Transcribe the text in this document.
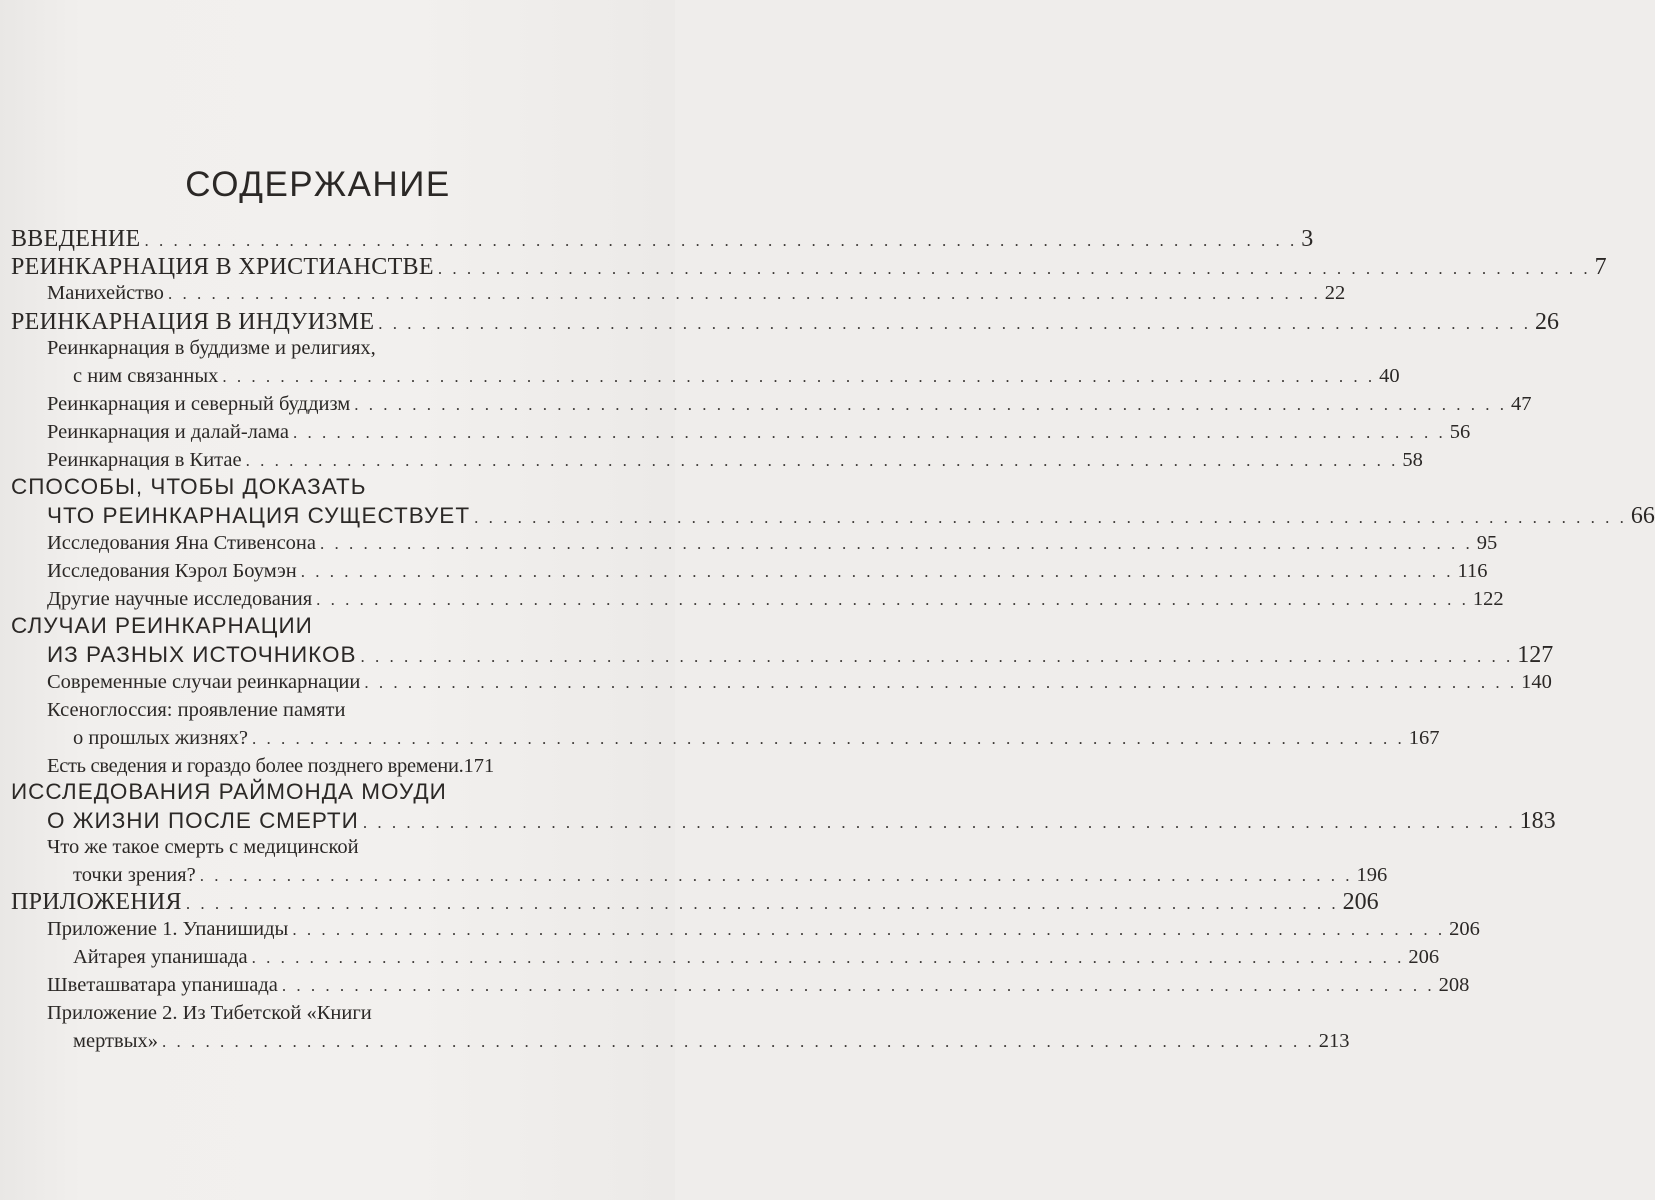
СОДЕРЖАНИЕ
ВВЕДЕНИЕ . . . . . . . . . . . . . . . . . . . . . . . . . . . . . . . . . . . . . . . . . . . . . . . . . . . . . . . . . . . . . . . . . . . . . . . . . . . . . . . . 3
РЕИНКАРНАЦИЯ В ХРИСТИАНСТВЕ . . . . . . . . . . . . . . . . . . . . . . . . . . . . . . . . . . . . . . . . . . . . . . . . . . . . . . . . . . . . . . . . . . . . . . . . . . . . . . . . 7
Манихейство . . . . . . . . . . . . . . . . . . . . . . . . . . . . . . . . . . . . . . . . . . . . . . . . . . . . . . . . . . . . . . . . . . . . . . . . . . . . . . . . 22
РЕИНКАРНАЦИЯ В ИНДУИЗМЕ . . . . . . . . . . . . . . . . . . . . . . . . . . . . . . . . . . . . . . . . . . . . . . . . . . . . . . . . . . . . . . . . . . . . . . . . . . . . . . . . 26
Реинкарнация в буддизме и религиях,
с ним связанных . . . . . . . . . . . . . . . . . . . . . . . . . . . . . . . . . . . . . . . . . . . . . . . . . . . . . . . . . . . . . . . . . . . . . . . . . . . . . . . . 40
Реинкарнация и северный буддизм . . . . . . . . . . . . . . . . . . . . . . . . . . . . . . . . . . . . . . . . . . . . . . . . . . . . . . . . . . . . . . . . . . . . . . . . . . . . . . . . 47
Реинкарнация и далай-лама . . . . . . . . . . . . . . . . . . . . . . . . . . . . . . . . . . . . . . . . . . . . . . . . . . . . . . . . . . . . . . . . . . . . . . . . . . . . . . . . 56
Реинкарнация в Китае . . . . . . . . . . . . . . . . . . . . . . . . . . . . . . . . . . . . . . . . . . . . . . . . . . . . . . . . . . . . . . . . . . . . . . . . . . . . . . . . 58
СПОСОБЫ, ЧТОБЫ ДОКАЗАТЬ
ЧТО РЕИНКАРНАЦИЯ СУЩЕСТВУЕТ . . . . . . . . . . . . . . . . . . . . . . . . . . . . . . . . . . . . . . . . . . . . . . . . . . . . . . . . . . . . . . . . . . . . . . . . . . . . . . . . 66
Исследования Яна Стивенсона . . . . . . . . . . . . . . . . . . . . . . . . . . . . . . . . . . . . . . . . . . . . . . . . . . . . . . . . . . . . . . . . . . . . . . . . . . . . . . . . 95
Исследования Кэрол Боумэн . . . . . . . . . . . . . . . . . . . . . . . . . . . . . . . . . . . . . . . . . . . . . . . . . . . . . . . . . . . . . . . . . . . . . . . . . . . . . . . . 116
Другие научные исследования . . . . . . . . . . . . . . . . . . . . . . . . . . . . . . . . . . . . . . . . . . . . . . . . . . . . . . . . . . . . . . . . . . . . . . . . . . . . . . . . 122
СЛУЧАИ РЕИНКАРНАЦИИ
ИЗ РАЗНЫХ ИСТОЧНИКОВ . . . . . . . . . . . . . . . . . . . . . . . . . . . . . . . . . . . . . . . . . . . . . . . . . . . . . . . . . . . . . . . . . . . . . . . . . . . . . . . . 127
Современные случаи реинкарнации . . . . . . . . . . . . . . . . . . . . . . . . . . . . . . . . . . . . . . . . . . . . . . . . . . . . . . . . . . . . . . . . . . . . . . . . . . . . . . . . 140
Ксеноглоссия: проявление памяти
о прошлых жизнях? . . . . . . . . . . . . . . . . . . . . . . . . . . . . . . . . . . . . . . . . . . . . . . . . . . . . . . . . . . . . . . . . . . . . . . . . . . . . . . . . 167
Есть сведения и гораздо более позднего времени. 171
ИССЛЕДОВАНИЯ РАЙМОНДА МОУДИ
О ЖИЗНИ ПОСЛЕ СМЕРТИ . . . . . . . . . . . . . . . . . . . . . . . . . . . . . . . . . . . . . . . . . . . . . . . . . . . . . . . . . . . . . . . . . . . . . . . . . . . . . . . . 183
Что же такое смерть с медицинской
точки зрения? . . . . . . . . . . . . . . . . . . . . . . . . . . . . . . . . . . . . . . . . . . . . . . . . . . . . . . . . . . . . . . . . . . . . . . . . . . . . . . . . 196
ПРИЛОЖЕНИЯ . . . . . . . . . . . . . . . . . . . . . . . . . . . . . . . . . . . . . . . . . . . . . . . . . . . . . . . . . . . . . . . . . . . . . . . . . . . . . . . . 206
Приложение 1. Упанишиды . . . . . . . . . . . . . . . . . . . . . . . . . . . . . . . . . . . . . . . . . . . . . . . . . . . . . . . . . . . . . . . . . . . . . . . . . . . . . . . . 206
Айтарея упанишада . . . . . . . . . . . . . . . . . . . . . . . . . . . . . . . . . . . . . . . . . . . . . . . . . . . . . . . . . . . . . . . . . . . . . . . . . . . . . . . . 206
Шветашватара упанишада . . . . . . . . . . . . . . . . . . . . . . . . . . . . . . . . . . . . . . . . . . . . . . . . . . . . . . . . . . . . . . . . . . . . . . . . . . . . . . . . 208
Приложение 2. Из Тибетской «Книги
мертвых» . . . . . . . . . . . . . . . . . . . . . . . . . . . . . . . . . . . . . . . . . . . . . . . . . . . . . . . . . . . . . . . . . . . . . . . . . . . . . . . . 213
